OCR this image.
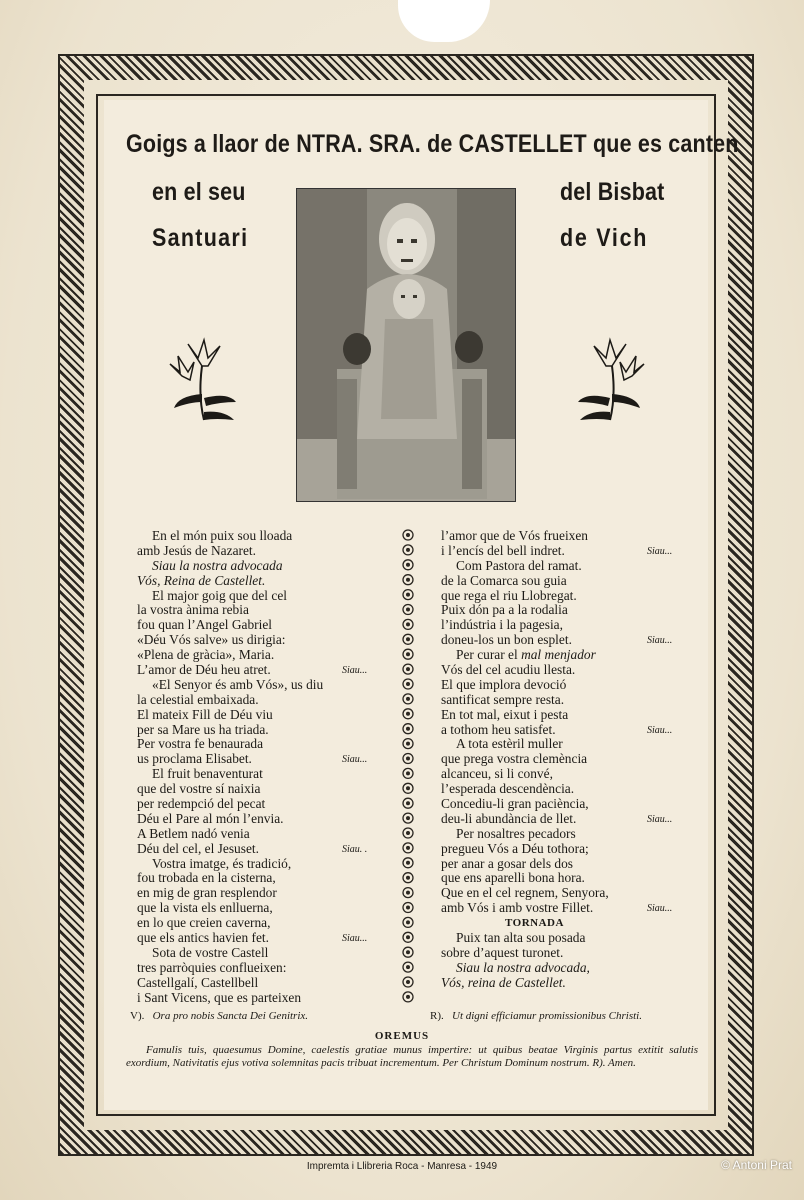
Goigs a llaor de NTRA. SRA. de CASTELLET que es canten
en el seu	del Bisbat
Santuari	de Vich
En el món puix sou lloada
amb Jesús de Nazaret.
Siau la nostra advocada
Vós, Reina de Castellet.
El major goig que del cel
la vostra ànima rebia
fou quan l’Angel Gabriel
«Déu Vós salve» us dirigia:
«Plena de gràcia», Maria.
L’amor de Déu heu atret.	Siau...
«El Senyor és amb Vós», us diu
la celestial embaixada.
El mateix Fill de Déu viu
per sa Mare us ha triada.
Per vostra fe benaurada
us proclama Elisabet.	Siau...
El fruit benaventurat
que del vostre sí naixia
per redempció del pecat
Déu el Pare al món l’envia.
A Betlem nadó venia
Déu del cel, el Jesuset.	Siau. .
Vostra imatge, és tradició,
fou trobada en la cisterna,
en mig de gran resplendor
que la vista els enlluerna,
en lo que creien caverna,
que els antics havien fet.	Siau...
Sota de vostre Castell
tres parròquies conflueixen:
Castellgalí, Castellbell
i Sant Vicens, que es parteixen
l’amor que de Vós frueixen
i l’encís del bell indret.	Siau...
Com Pastora del ramat.
de la Comarca sou guia
que rega el riu Llobregat.
Puix dón pa a la rodalia
l’indústria i la pagesia,
doneu-los un bon esplet.	Siau...
Per curar el mal menjador
Vós del cel acudiu llesta.
El que implora devoció
santificat sempre resta.
En tot mal, eixut i pesta
a tothom heu satisfet.	Siau...
A tota estèril muller
que prega vostra clemència
alcanceu, si li convé,
l’esperada descendència.
Concediu-li gran paciència,
deu-li abundància de llet.	Siau...
Per nosaltres pecadors
pregueu Vós a Déu tothora;
per anar a gosar dels dos
que ens aparelli bona hora.
Que en el cel regnem, Senyora,
amb Vós i amb vostre Fillet.	Siau...
TORNADA
Puix tan alta sou posada
sobre d’aquest turonet.
Siau la nostra advocada,
Vós, reina de Castellet.
V). Ora pro nobis Sancta Dei Genitrix.	R). Ut digni efficiamur promissionibus Christi.
OREMUS
Famulis tuis, quaesumus Domine, caelestis gratiae munus impertire: ut quibus beatae Virginis partus extitit salutis exordium, Nativitatis ejus votiva solemnitas pacis tribuat incrementum. Per Christum Dominum nostrum. R). Amen.
Impremta i Llibreria Roca - Manresa - 1949	© Antoni Prat
